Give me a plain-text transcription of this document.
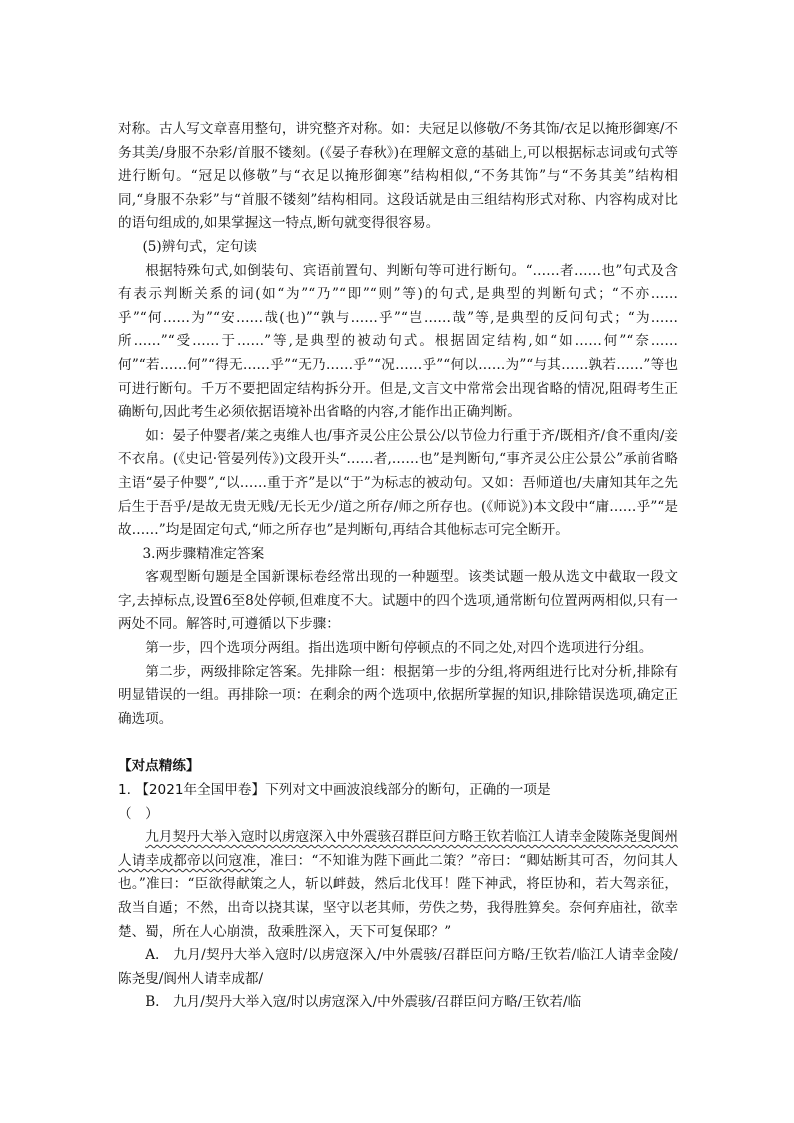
对称。古人写文章喜用整句，讲究整齐对称。如：夫冠足以修敬/不务其饰/衣足以掩形御寒/不务其美/身服不杂彩/首服不镂刻。(《晏子春秋》)在理解文意的基础上,可以根据标志词或句式等进行断句。“冠足以修敬”与“衣足以掩形御寒”结构相似,“不务其饰”与“不务其美”结构相同,“身服不杂彩”与“首服不镂刻”结构相同。这段话就是由三组结构形式对称、内容构成对比的语句组成的,如果掌握这一特点,断句就变得很容易。

(5)辨句式，定句读

根据特殊句式,如倒装句、宾语前置句、判断句等可进行断句。“……者……也”句式及含有表示判断关系的词(如“为”“乃”“即”“则”等)的句式,是典型的判断句式；“不亦……乎”“何……为”“安……哉(也)”“孰与……乎”“岂……哉”等,是典型的反问句式；“为……所……”“受……于……”等,是典型的被动句式。根据固定结构,如“如……何”“奈……何”“若……何”“得无……乎”“无乃……乎”“况……乎”“何以……为”“与其……孰若……”等也可进行断句。千万不要把固定结构拆分开。但是,文言文中常常会出现省略的情况,阻碍考生正确断句,因此考生必须依据语境补出省略的内容,才能作出正确判断。

如：晏子仲婴者/莱之夷维人也/事齐灵公庄公景公/以节俭力行重于齐/既相齐/食不重肉/妾不衣帛。(《史记·管晏列传》)文段开头“……者,……也”是判断句,“事齐灵公庄公景公”承前省略主语“晏子仲婴”,“以……重于齐”是以“于”为标志的被动句。又如：吾师道也/夫庸知其年之先后生于吾乎/是故无贵无贱/无长无少/道之所存/师之所存也。(《师说》)本文段中“庸……乎”“是故……”均是固定句式,“师之所存也”是判断句,再结合其他标志可完全断开。

3.两步骤精准定答案

客观型断句题是全国新课标卷经常出现的一种题型。该类试题一般从选文中截取一段文字,去掉标点,设置6至8处停顿,但难度不大。试题中的四个选项,通常断句位置两两相似,只有一两处不同。解答时,可遵循以下步骤：

第一步，四个选项分两组。指出选项中断句停顿点的不同之处,对四个选项进行分组。

第二步，两级排除定答案。先排除一组：根据第一步的分组,将两组进行比对分析,排除有明显错误的一组。再排除一项：在剩余的两个选项中,依据所掌握的知识,排除错误选项,确定正确选项。

【对点精练】

1. 【2021年全国甲卷】下列对文中画波浪线部分的断句，正确的一项是
（　）

九月契丹大举入寇时以虏寇深入中外震骇召群臣问方略王钦若临江人请幸金陵陈尧叟阆州人请幸成都帝以问寇准，准曰：“不知谁为陛下画此二策？”帝曰：“卿姑断其可否，勿问其人也。”准曰：“臣欲得献策之人，斩以衅鼓，然后北伐耳！陛下神武，将臣协和，若大驾亲征，敌当自遁；不然，出奇以挠其谋，坚守以老其师，劳佚之势，我得胜算矣。奈何弃庙社，欲幸楚、蜀，所在人心崩溃，敌乘胜深入，天下可复保耶？”

A.　九月/契丹大举入寇时/以虏寇深入/中外震骇/召群臣问方略/王钦若/临江人请幸金陵/陈尧叟/阆州人请幸成都/

B.　九月/契丹大举入寇/时以虏寇深入/中外震骇/召群臣问方略/王钦若/临
